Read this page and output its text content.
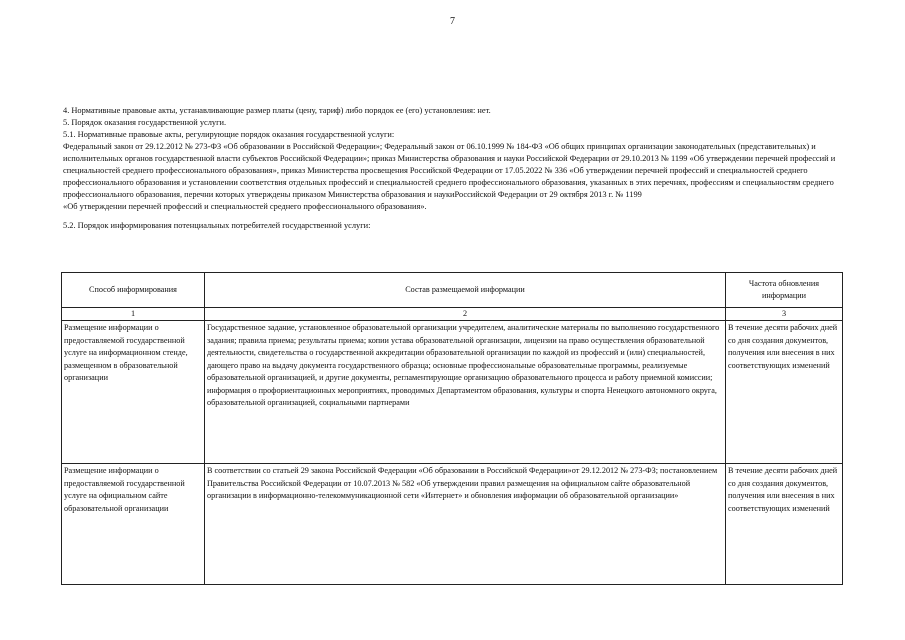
7

4. Нормативные правовые акты, устанавливающие размер платы (цену, тариф) либо порядок ее (его) установления: нет.

5. Порядок оказания государственной услуги.

5.1. Нормативные правовые акты, регулирующие порядок оказания государственной услуги:

Федеральный закон от 29.12.2012 № 273-ФЗ «Об образовании в Российской Федерации»; Федеральный закон от 06.10.1999 № 184-ФЗ «Об общих принципах организации законодательных (представительных) и исполнительных органов государственной власти субъектов Российской Федерации»; приказ Министерства образования и науки Российской Федерации от 29.10.2013 № 1199 «Об утверждении перечней профессий и специальностей среднего профессионального образования», приказ Министерства просвещения Российской Федерации от 17.05.2022 № 336 «Об утверждении перечней профессий и специальностей среднего профессионального образования и установлении соответствия отдельных профессий и специальностей среднего профессионального образования, указанных в этих перечнях, профессиям и специальностям среднего профессионального образования, перечни которых утверждены приказом Министерства образования и наукиРоссийской Федерации от 29 октября 2013 г. № 1199

«Об утверждении перечней профессий и специальностей среднего профессионального образования».

5.2. Порядок информирования потенциальных потребителей государственной услуги:

Способ информирования	Состав размещаемой информации	Частота обновления информации
1	2	3
Размещение информации о предоставляемой государственной услуге на информационном стенде, размещенном в образовательной организации	Государственное задание, установленное образовательной организации учредителем, аналитические материалы по выполнению государственного задания; правила приема; результаты приема; копии устава образовательной организации, лицензии на право осуществления образовательной деятельности, свидетельства о государственной аккредитации образовательной организации по каждой из профессий и (или) специальностей, дающего право на выдачу документа государственного образца; основные профессиональные образовательные программы, реализуемые образовательной организацией, и другие документы, регламентирующие организацию образовательного процесса и работу приемной комиссии; информация о профориентационных мероприятиях, проводимых Департаментом образования, культуры и спорта Ненецкого автономного округа, образовательной организацией, социальными партнерами	В течение десяти рабочих дней со дня создания документов, получения или внесения в них соответствующих изменений
Размещение информации о предоставляемой государственной услуге на официальном сайте образовательной организации	В соответствии со статьей 29 закона Российской Федерации «Об образовании в Российской Федерации»от 29.12.2012 № 273-ФЗ; постановлением Правительства Российской Федерации от 10.07.2013 № 582 «Об утверждении правил размещения на официальном сайте образовательной организации в информационно-телекоммуникационной сети «Интернет» и обновления информации об образовательной организации»	В течение десяти рабочих дней со дня создания документов, получения или внесения в них соответствующих изменений
